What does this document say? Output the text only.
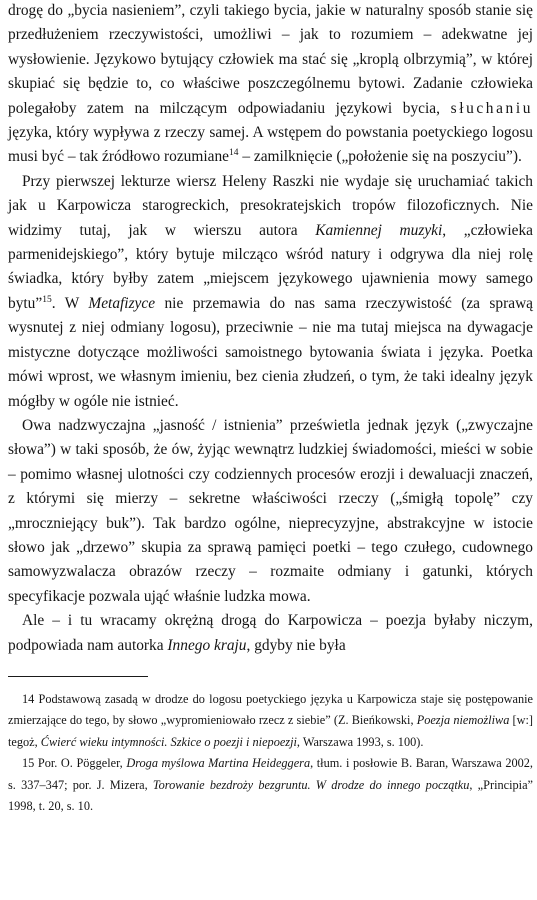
drogę do „bycia nasieniem”, czyli takiego bycia, jakie w naturalny sposób stanie się przedłużeniem rzeczywistości, umożliwi – jak to rozumiem – adekwatne jej wysłowienie. Językowo bytujący człowiek ma stać się „kroplą olbrzymią”, w której skupiać się będzie to, co właściwe poszczególnemu bytowi. Zadanie człowieka polegałoby zatem na milczącym odpowiadaniu językowi bycia, słuchaniu języka, który wypływa z rzeczy samej. A wstępem do powstania poetyckiego logosu musi być – tak źródłowo rozumiane$^{14}$ – zamilknięcie („położenie się na poszyciu”).

Przy pierwszej lekturze wiersz Heleny Raszki nie wydaje się uruchamiać takich jak u Karpowicza starogreckich, presokratejskich tropów filozoficznych. Nie widzimy tutaj, jak w wierszu autora Kamiennej muzyki, „człowieka parmenidejskiego”, który bytuje milcząco wśród natury i odgrywa dla niej rolę świadka, który byłby zatem „miejscem językowego ujawnienia mowy samego bytu”$^{15}$. W Metafizyce nie przemawia do nas sama rzeczywistość (za sprawą wysnutej z niej odmiany logosu), przeciwnie – nie ma tutaj miejsca na dywagacje mistyczne dotyczące możliwości samoistnego bytowania świata i języka. Poetka mówi wprost, we własnym imieniu, bez cienia złudzeń, o tym, że taki idealny język mógłby w ogóle nie istnieć.

Owa nadzwyczajna „jasność / istnienia” prześwietla jednak język („zwyczajne słowa”) w taki sposób, że ów, żyjąc wewnątrz ludzkiej świadomości, mieści w sobie – pomimo własnej ulotności czy codziennych procesów erozji i dewaluacji znaczeń, z którymi się mierzy – sekretne właściwości rzeczy („śmigłą topolę” czy „mroczniejący buk”). Tak bardzo ogólne, nieprecyzyjne, abstrakcyjne w istocie słowo jak „drzewo” skupia za sprawą pamięci poetki – tego czułego, cudownego samowyzwalacza obrazów rzeczy – rozmaite odmiany i gatunki, których specyfikacje pozwala ująć właśnie ludzka mowa.

Ale – i tu wracamy okrężną drogą do Karpowicza – poezja byłaby niczym, podpowiada nam autorka Innego kraju, gdyby nie była

14 Podstawową zasadą w drodze do logosu poetyckiego języka u Karpowicza staje się postępowanie zmierzające do tego, by słowo „wypromieniowało rzecz z siebie” (Z. Bieńkowski, Poezja niemożliwa [w:] tegoż, Ćwierć wieku intymności. Szkice o poezji i niepoezji, Warszawa 1993, s. 100).

15 Por. O. Pöggeler, Droga myślowa Martina Heideggera, tłum. i posłowie B. Baran, Warszawa 2002, s. 337–347; por. J. Mizera, Torowanie bezdroży bezgruntu. W drodze do innego początku, „Principia” 1998, t. 20, s. 10.
